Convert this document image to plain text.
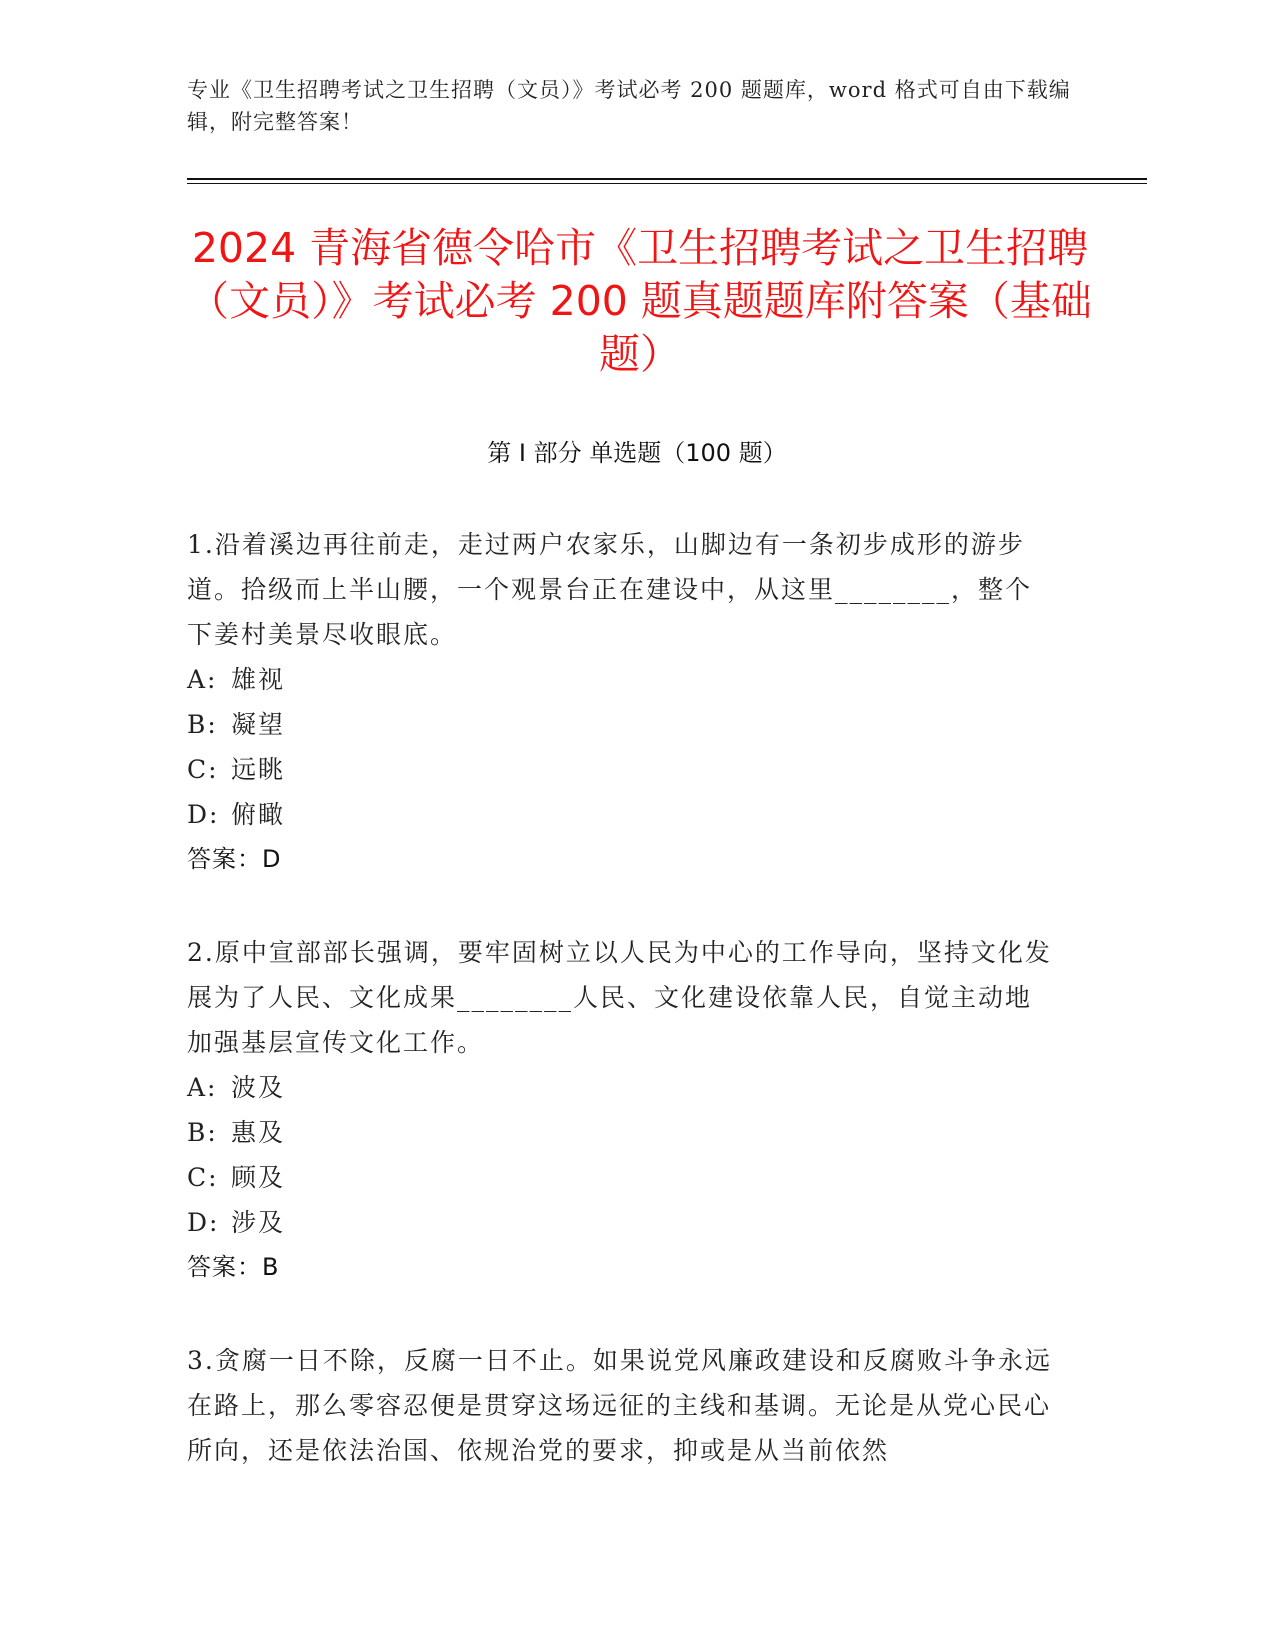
专业《卫生招聘考试之卫生招聘（文员）》考试必考 200 题题库，word 格式可自由下载编辑，附完整答案！
2024 青海省德令哈市《卫生招聘考试之卫生招聘（文员）》考试必考 200 题真题题库附答案（基础题）
第 I 部分 单选题（100 题）

1.沿着溪边再往前走，走过两户农家乐，山脚边有一条初步成形的游步道。拾级而上半山腰，一个观景台正在建设中，从这里________，整个下姜村美景尽收眼底。

A: 雄视
B: 凝望
C: 远眺
D: 俯瞰
答案：D

2.原中宣部部长强调，要牢固树立以人民为中心的工作导向，坚持文化发展为了人民、文化成果________人民、文化建设依靠人民，自觉主动地加强基层宣传文化工作。

A: 波及
B: 惠及
C: 顾及
D: 涉及
答案：B

3.贪腐一日不除，反腐一日不止。如果说党风廉政建设和反腐败斗争永远在路上，那么零容忍便是贯穿这场远征的主线和基调。无论是从党心民心所向，还是依法治国、依规治党的要求，抑或是从当前依然
